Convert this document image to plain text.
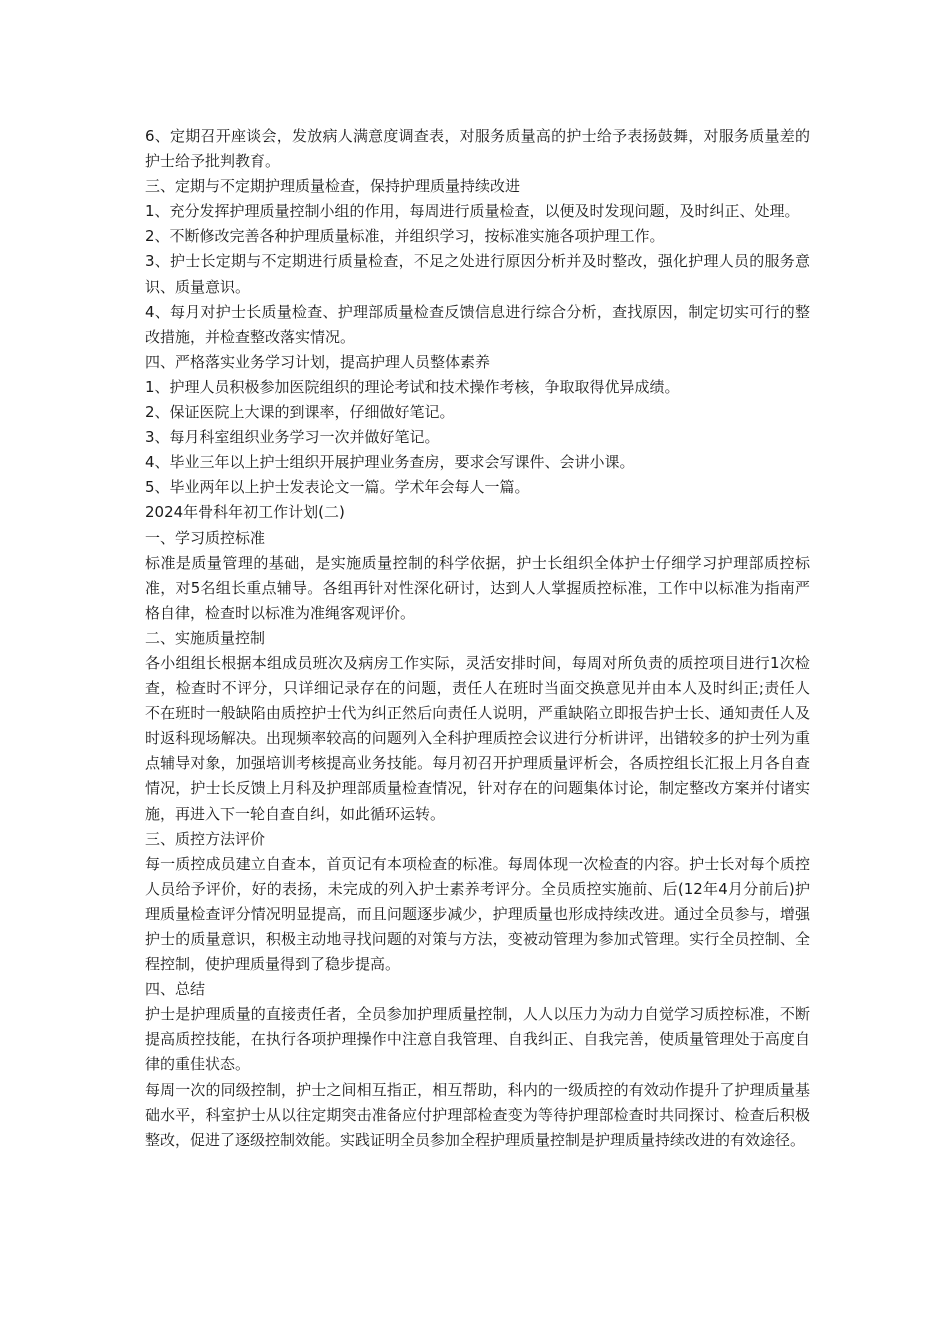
6、定期召开座谈会，发放病人满意度调查表，对服务质量高的护士给予表扬鼓舞，对服务质量差的护士给予批判教育。

三、定期与不定期护理质量检查，保持护理质量持续改进

1、充分发挥护理质量控制小组的作用，每周进行质量检查，以便及时发现问题，及时纠正、处理。

2、不断修改完善各种护理质量标准，并组织学习，按标准实施各项护理工作。

3、护士长定期与不定期进行质量检查，不足之处进行原因分析并及时整改，强化护理人员的服务意识、质量意识。

4、每月对护士长质量检查、护理部质量检查反馈信息进行综合分析，查找原因，制定切实可行的整改措施，并检查整改落实情况。

四、严格落实业务学习计划，提高护理人员整体素养

1、护理人员积极参加医院组织的理论考试和技术操作考核，争取取得优异成绩。

2、保证医院上大课的到课率，仔细做好笔记。

3、每月科室组织业务学习一次并做好笔记。

4、毕业三年以上护士组织开展护理业务查房，要求会写课件、会讲小课。

5、毕业两年以上护士发表论文一篇。学术年会每人一篇。

2024年骨科年初工作计划(二)

一、学习质控标准

标准是质量管理的基础，是实施质量控制的科学依据，护士长组织全体护士仔细学习护理部质控标准，对5名组长重点辅导。各组再针对性深化研讨，达到人人掌握质控标准，工作中以标准为指南严格自律，检查时以标准为准绳客观评价。

二、实施质量控制

各小组组长根据本组成员班次及病房工作实际，灵活安排时间，每周对所负责的质控项目进行1次检查，检查时不评分，只详细记录存在的问题，责任人在班时当面交换意见并由本人及时纠正;责任人不在班时一般缺陷由质控护士代为纠正然后向责任人说明，严重缺陷立即报告护士长、通知责任人及时返科现场解决。出现频率较高的问题列入全科护理质控会议进行分析讲评，出错较多的护士列为重点辅导对象，加强培训考核提高业务技能。每月初召开护理质量评析会，各质控组长汇报上月各自查情况，护士长反馈上月科及护理部质量检查情况，针对存在的问题集体讨论，制定整改方案并付诸实施，再进入下一轮自查自纠，如此循环运转。

三、质控方法评价

每一质控成员建立自查本，首页记有本项检查的标准。每周体现一次检查的内容。护士长对每个质控人员给予评价，好的表扬，未完成的列入护士素养考评分。全员质控实施前、后(12年4月分前后)护理质量检查评分情况明显提高，而且问题逐步减少，护理质量也形成持续改进。通过全员参与，增强护士的质量意识，积极主动地寻找问题的对策与方法，变被动管理为参加式管理。实行全员控制、全程控制，使护理质量得到了稳步提高。

四、总结

护士是护理质量的直接责任者，全员参加护理质量控制，人人以压力为动力自觉学习质控标准，不断提高质控技能，在执行各项护理操作中注意自我管理、自我纠正、自我完善，使质量管理处于高度自律的重佳状态。

每周一次的同级控制，护士之间相互指正，相互帮助，科内的一级质控的有效动作提升了护理质量基础水平，科室护士从以往定期突击准备应付护理部检查变为等待护理部检查时共同探讨、检查后积极整改，促进了逐级控制效能。实践证明全员参加全程护理质量控制是护理质量持续改进的有效途径。
